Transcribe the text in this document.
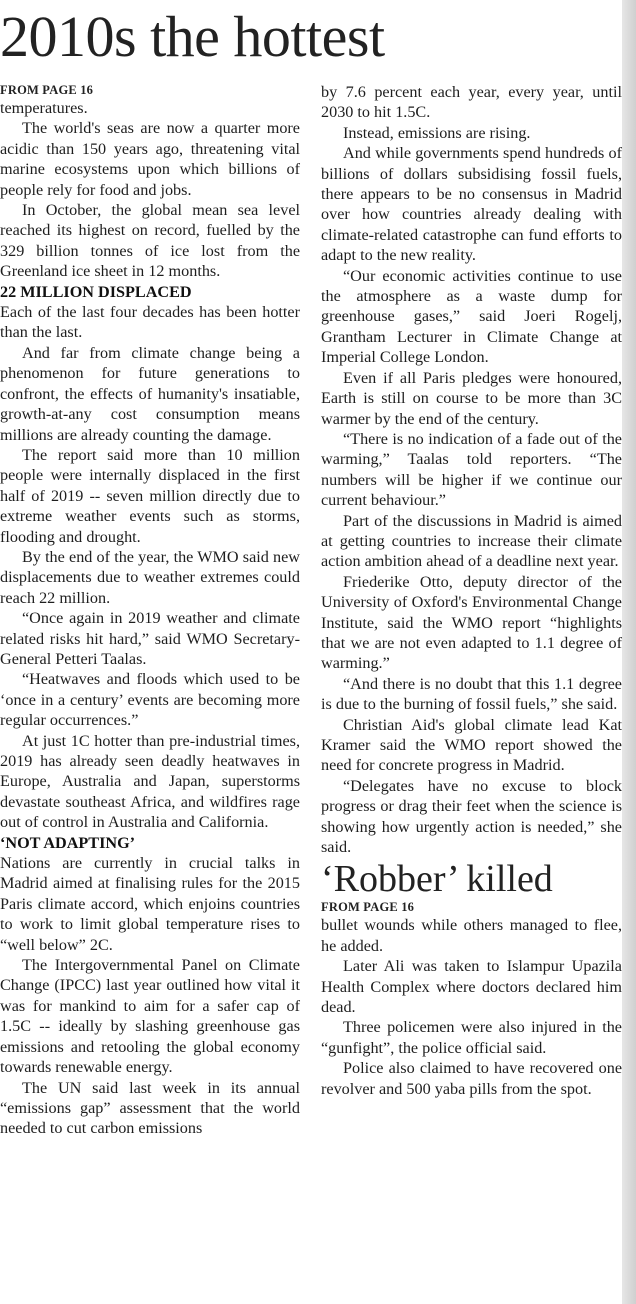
2010s the hottest
FROM PAGE 16

temperatures.

The world's seas are now a quarter more acidic than 150 years ago, threatening vital marine ecosystems upon which billions of people rely for food and jobs.

In October, the global mean sea level reached its highest on record, fuelled by the 329 billion tonnes of ice lost from the Greenland ice sheet in 12 months.

22 MILLION DISPLACED

Each of the last four decades has been hotter than the last.

And far from climate change being a phenomenon for future generations to confront, the effects of humanity's insatiable, growth-at-any cost consumption means millions are already counting the damage.

The report said more than 10 million people were internally displaced in the first half of 2019 -- seven million directly due to extreme weather events such as storms, flooding and drought.

By the end of the year, the WMO said new displacements due to weather extremes could reach 22 million.

“Once again in 2019 weather and climate related risks hit hard,” said WMO Secretary-General Petteri Taalas.

“Heatwaves and floods which used to be ‘once in a century’ events are becoming more regular occurrences.”

At just 1C hotter than pre-industrial times, 2019 has already seen deadly heatwaves in Europe, Australia and Japan, superstorms devastate southeast Africa, and wildfires rage out of control in Australia and California.

‘NOT ADAPTING’

Nations are currently in crucial talks in Madrid aimed at finalising rules for the 2015 Paris climate accord, which enjoins countries to work to limit global temperature rises to “well below” 2C.

The Intergovernmental Panel on Climate Change (IPCC) last year outlined how vital it was for mankind to aim for a safer cap of 1.5C -- ideally by slashing greenhouse gas emissions and retooling the global economy towards renewable energy.

The UN said last week in its annual “emissions gap” assessment that the world needed to cut carbon emissions

by 7.6 percent each year, every year, until 2030 to hit 1.5C.

Instead, emissions are rising.

And while governments spend hundreds of billions of dollars subsidising fossil fuels, there appears to be no consensus in Madrid over how countries already dealing with climate-related catastrophe can fund efforts to adapt to the new reality.

“Our economic activities continue to use the atmosphere as a waste dump for greenhouse gases,” said Joeri Rogelj, Grantham Lecturer in Climate Change at Imperial College London.

Even if all Paris pledges were honoured, Earth is still on course to be more than 3C warmer by the end of the century.

“There is no indication of a fade out of the warming,” Taalas told reporters. “The numbers will be higher if we continue our current behaviour.”

Part of the discussions in Madrid is aimed at getting countries to increase their climate action ambition ahead of a deadline next year.

Friederike Otto, deputy director of the University of Oxford's Environmental Change Institute, said the WMO report “highlights that we are not even adapted to 1.1 degree of warming.”

“And there is no doubt that this 1.1 degree is due to the burning of fossil fuels,” she said.

Christian Aid's global climate lead Kat Kramer said the WMO report showed the need for concrete progress in Madrid.

“Delegates have no excuse to block progress or drag their feet when the science is showing how urgently action is needed,” she said.

‘Robber’ killed
FROM PAGE 16

bullet wounds while others managed to flee, he added.

Later Ali was taken to Islampur Upazila Health Complex where doctors declared him dead.

Three policemen were also injured in the “gunfight”, the police official said.

Police also claimed to have recovered one revolver and 500 yaba pills from the spot.
